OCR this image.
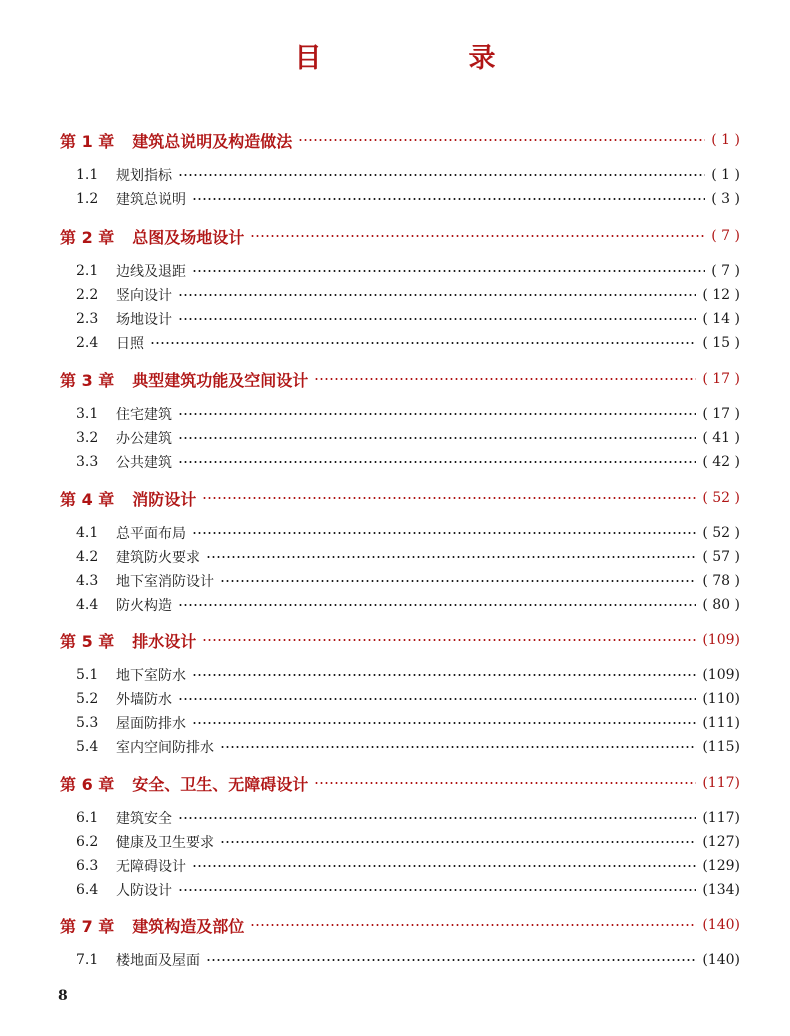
目　录
第 1 章 建筑总说明及构造做法	( 1 )
1.1	规划指标	( 1 )
1.2	建筑总说明	( 3 )
第 2 章 总图及场地设计	( 7 )
2.1	边线及退距	( 7 )
2.2	竖向设计	( 12 )
2.3	场地设计	( 14 )
2.4	日照	( 15 )
第 3 章 典型建筑功能及空间设计	( 17 )
3.1	住宅建筑	( 17 )
3.2	办公建筑	( 41 )
3.3	公共建筑	( 42 )
第 4 章 消防设计	( 52 )
4.1	总平面布局	( 52 )
4.2	建筑防火要求	( 57 )
4.3	地下室消防设计	( 78 )
4.4	防火构造	( 80 )
第 5 章 排水设计	(109)
5.1	地下室防水	(109)
5.2	外墙防水	(110)
5.3	屋面防排水	(111)
5.4	室内空间防排水	(115)
第 6 章 安全、卫生、无障碍设计	(117)
6.1	建筑安全	(117)
6.2	健康及卫生要求	(127)
6.3	无障碍设计	(129)
6.4	人防设计	(134)
第 7 章 建筑构造及部位	(140)
7.1	楼地面及屋面	(140)
8
